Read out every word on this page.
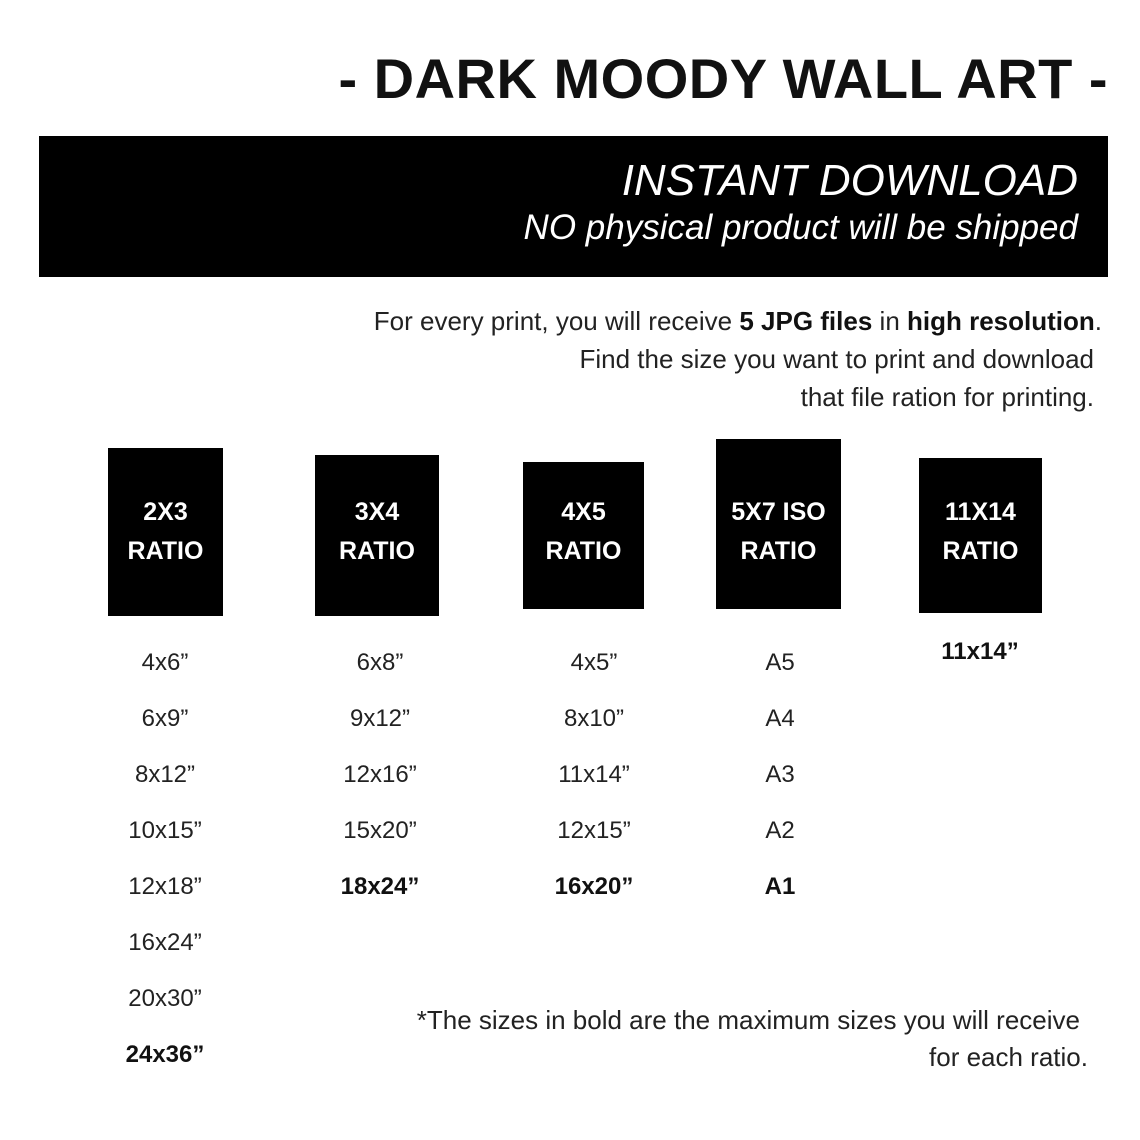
- DARK MOODY WALL ART -
INSTANT DOWNLOAD
NO physical product will be shipped
For every print, you will receive 5 JPG files in high resolution.
Find the size you want to print and download
that file ration for printing.
2X3
RATIO
3X4
RATIO
4X5
RATIO
5X7 ISO
RATIO
11X14
RATIO
4x6”
6x9”
8x12”
10x15”
12x18”
16x24”
20x30”
24x36”
6x8”
9x12”
12x16”
15x20”
18x24”
4x5”
8x10”
11x14”
12x15”
16x20”
A5
A4
A3
A2
A1
11x14”
*The sizes in bold are the maximum sizes you will receive
for each ratio.
